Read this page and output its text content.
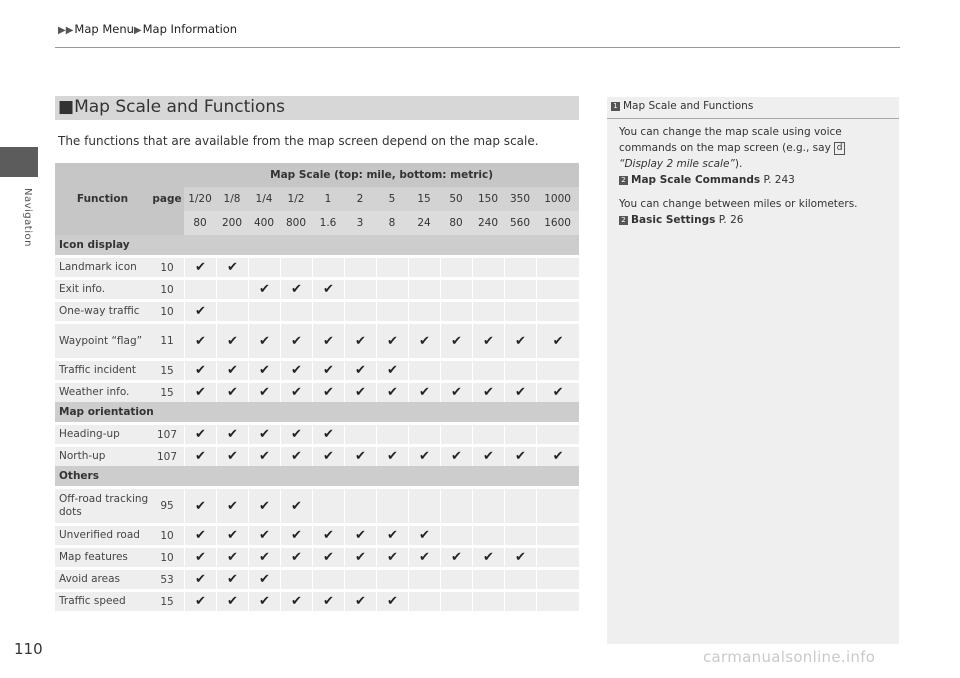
Navigation
▶▶Map Menu▶Map Information
■Map Scale and Functions
The functions that are available from the map screen depend on the map scale.
Function	page	Map Scale (top: mile, bottom: metric)											
		1/20	1/8	1/4	1/2	1	2	5	15	50	150	350	1000
		80	200	400	800	1.6	3	8	24	80	240	560	1600
Icon display													
Landmark icon	10	✔	✔										
Exit info.	10			✔	✔	✔							
One-way traffic	10	✔											
Waypoint “flag”	11	✔	✔	✔	✔	✔	✔	✔	✔	✔	✔	✔	✔
Traffic incident	15	✔	✔	✔	✔	✔	✔	✔					
Weather info.	15	✔	✔	✔	✔	✔	✔	✔	✔	✔	✔	✔	✔
Map orientation													
Heading-up	107	✔	✔	✔	✔	✔							
North-up	107	✔	✔	✔	✔	✔	✔	✔	✔	✔	✔	✔	✔
Others													
Off-road tracking dots	95	✔	✔	✔	✔								
Unverified road	10	✔	✔	✔	✔	✔	✔	✔	✔				
Map features	10	✔	✔	✔	✔	✔	✔	✔	✔	✔	✔	✔	
Avoid areas	53	✔	✔	✔									
Traffic speed	15	✔	✔	✔	✔	✔	✔	✔					
1 Map Scale and Functions

You can change the map scale using voice commands on the map screen (e.g., say d
“Display 2 mile scale”).
2 Map Scale Commands P. 243

You can change between miles or kilometers.
2 Basic Settings P. 26

110	carmanualsonline.info
